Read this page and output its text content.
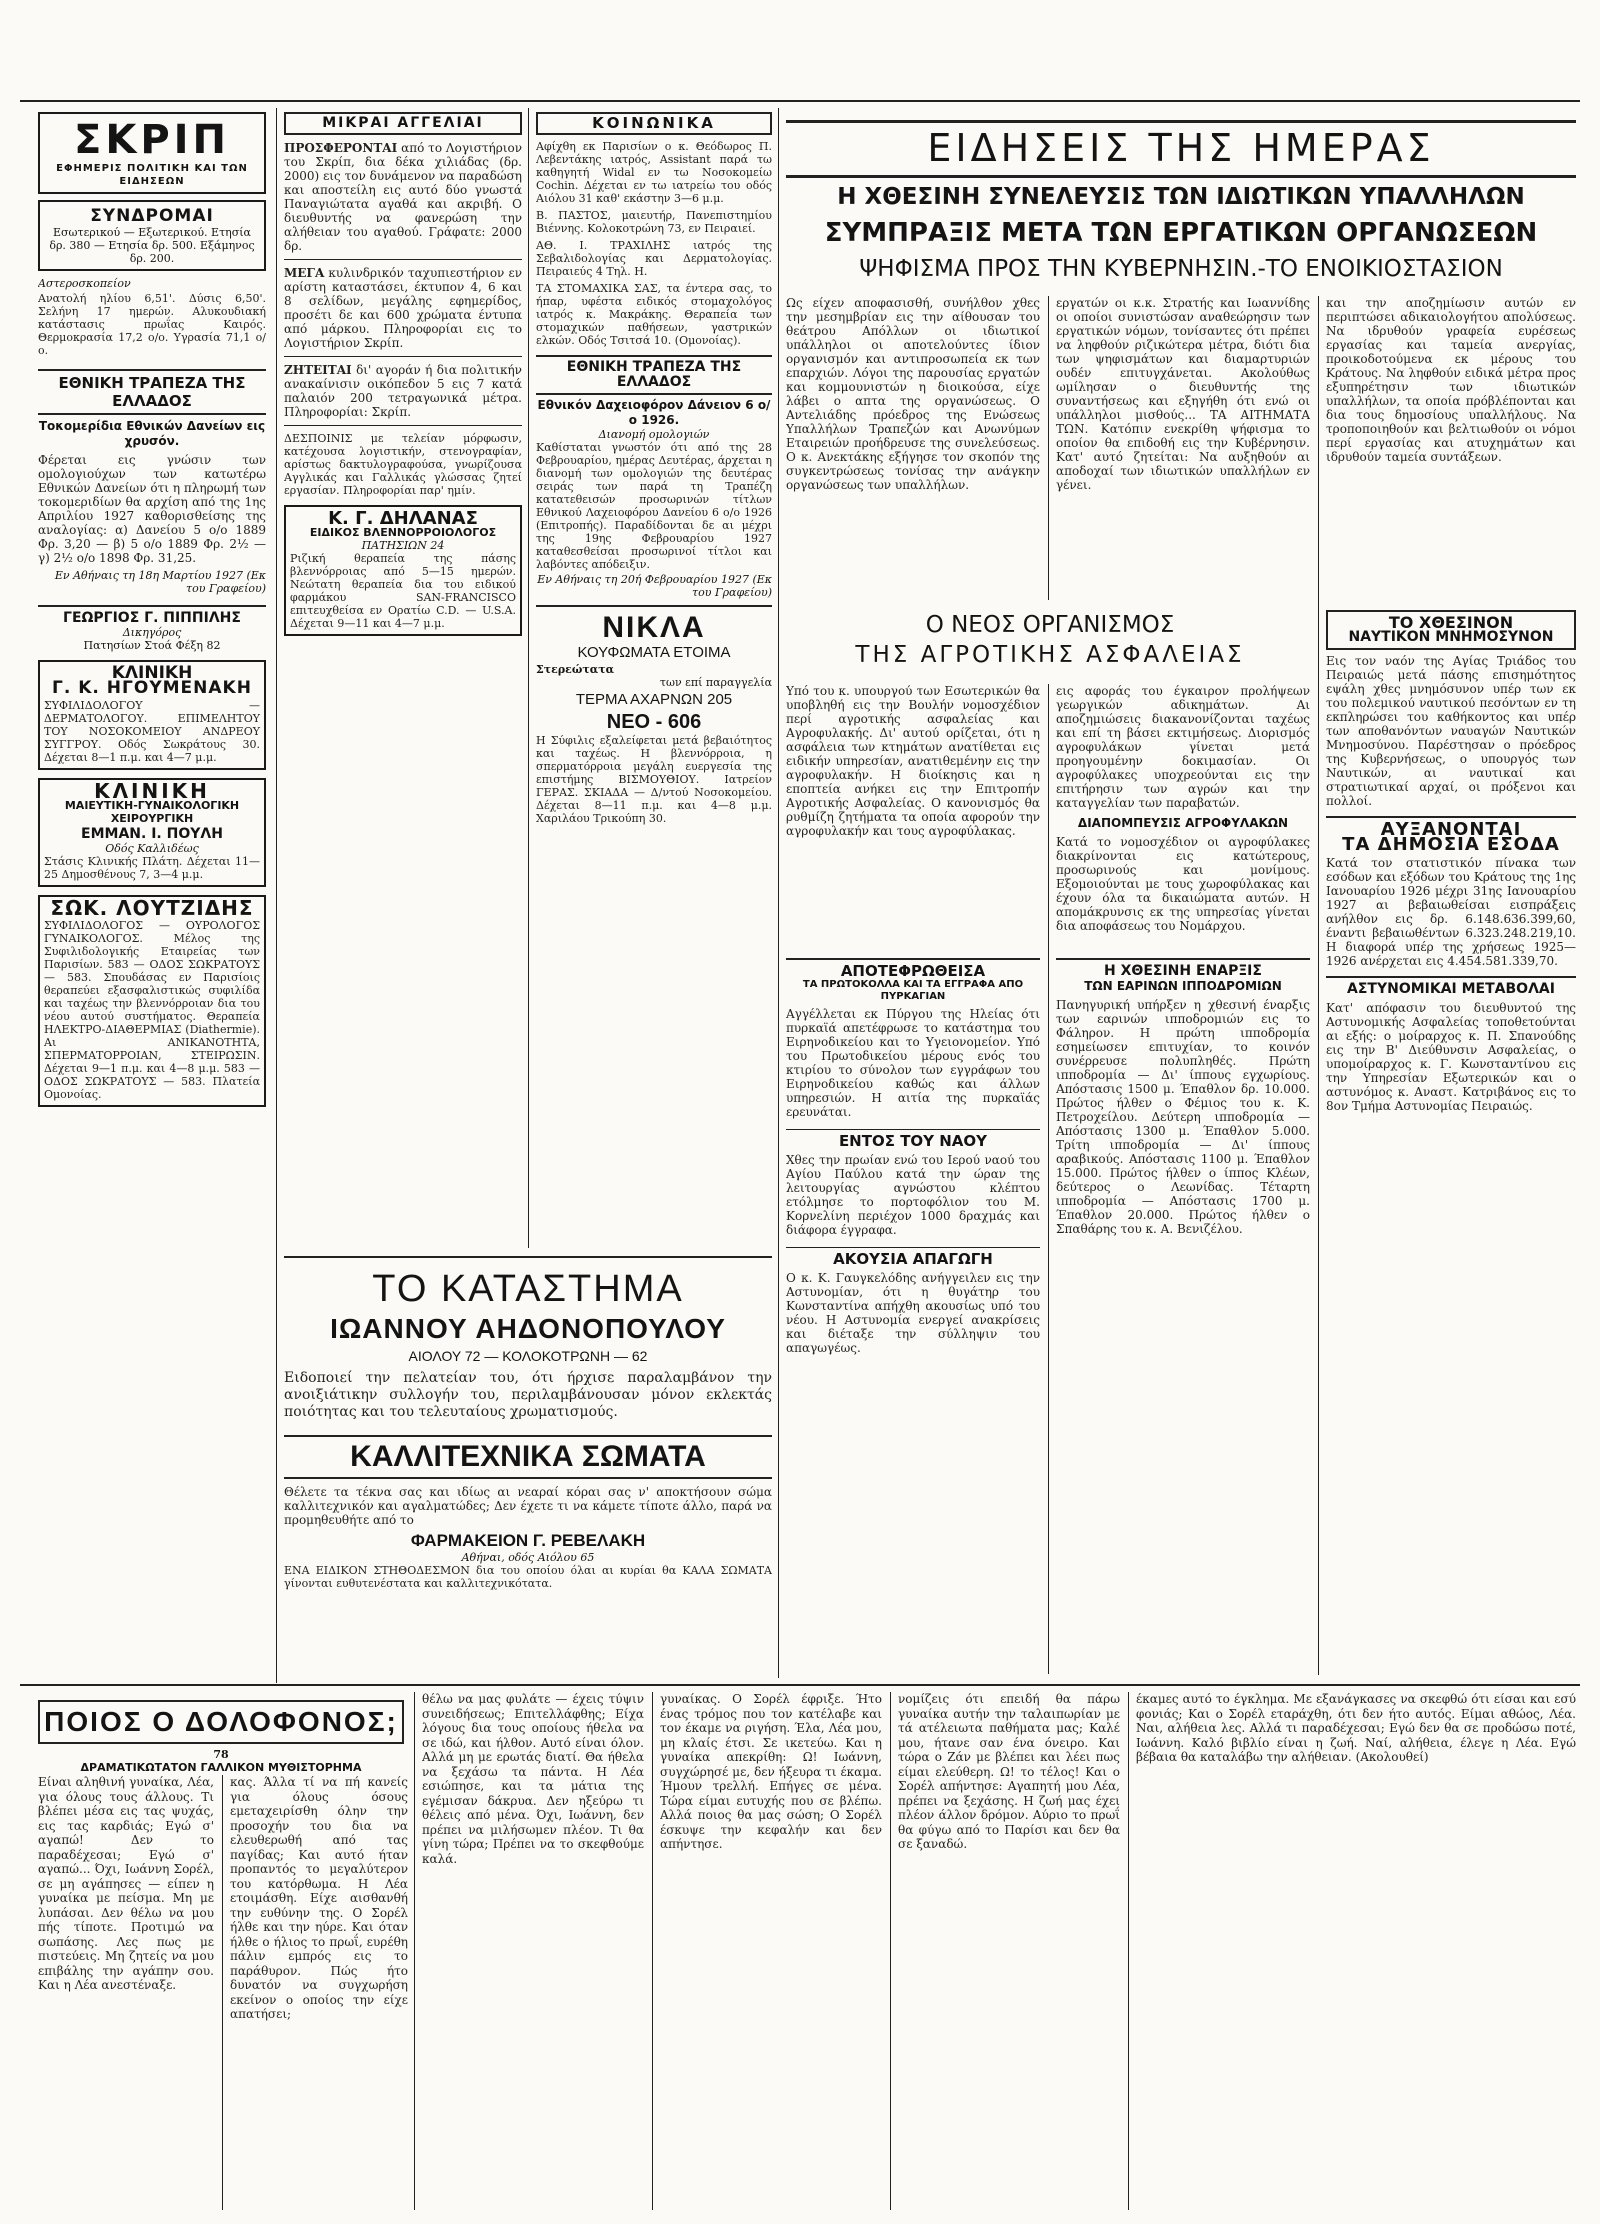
ΣΚΡΙΠ
ΕΦΗΜΕΡΙΣ ΠΟΛΙΤΙΚΗ ΚΑΙ ΤΩΝ ΕΙΔΗΣΕΩΝ
ΣΥΝΔΡΟΜΑΙ
Εσωτερικού — Εξωτερικού. Ετησία δρ. 380 — Ετησία δρ. 500. Εξάμηνος δρ. 200.
Αστεροσκοπείον
Ανατολή ηλίου 6,51'. Δύσις 6,50'. Σελήνη 17 ημερών. Αλυκουδιακή κατάστασις πρωΐας Καιρός. Θερμοκρασία 17,2 ο/ο. Υγρασία 71,1 ο/ο.
ΕΘΝΙΚΗ ΤΡΑΠΕΖΑ ΤΗΣ ΕΛΛΑΔΟΣ
Τοκομερίδια Εθνικών Δανείων εις χρυσόν.
Φέρεται εις γνώσιν των ομολογιούχων των κατωτέρω Εθνικών Δανείων ότι η πληρωμή των τοκομεριδίων θα αρχίση από της 1ης Απριλίου 1927 καθορισθείσης της αναλογίας: α) Δανείου 5 ο/ο 1889 Φρ. 3,20 — β) 5 ο/ο 1889 Φρ. 2½ — γ) 2½ ο/ο 1898 Φρ. 31,25.
Εν Αθήναις τη 18η Μαρτίου 1927 (Εκ του Γραφείου)
ΓΕΩΡΓΙΟΣ Γ. ΠΙΠΠΙΛΗΣ
Δικηγόρος
Πατησίων Στοά Φέξη 82
ΚΛΙΝΙΚΗ
Γ. Κ. ΗΓΟΥΜΕΝΑΚΗ
ΣΥΦΙΛΙΔΟΛΟΓΟΥ — ΔΕΡΜΑΤΟΛΟΓΟΥ. ΕΠΙΜΕΛΗΤΟΥ ΤΟΥ ΝΟΣΟΚΟΜΕΙΟΥ ΑΝΔΡΕΟΥ ΣΥΓΓΡΟΥ. Οδός Σωκράτους 30. Δέχεται 8—1 π.μ. και 4—7 μ.μ.
ΚΛΙΝΙΚΗ
ΜΑΙΕΥΤΙΚΗ-ΓΥΝΑΙΚΟΛΟΓΙΚΗ ΧΕΙΡΟΥΡΓΙΚΗ
ΕΜΜΑΝ. Ι. ΠΟΥΛΗ
Οδός Καλλιδέως
Στάσις Κλινικής Πλάτη. Δέχεται 11—25 Δημοσθένους 7, 3—4 μ.μ.
ΣΩΚ. ΛΟΥΤΖΙΔΗΣ
ΣΥΦΙΛΙΔΟΛΟΓΟΣ — ΟΥΡΟΛΟΓΟΣ ΓΥΝΑΙΚΟΛΟΓΟΣ. Μέλος της Συφιλιδολογικής Εταιρείας των Παρισίων. 583 — ΟΔΟΣ ΣΩΚΡΑΤΟΥΣ — 583. Σπουδάσας εν Παρισίοις θεραπεύει εξασφαλιστικώς συφιλίδα και ταχέως την βλεννόρροιαν δια του νέου αυτού συστήματος. Θεραπεία ΗΛΕΚΤΡΟ-ΔΙΑΘΕΡΜΙΑΣ (Diathermie). Αι ΑΝΙΚΑΝΟΤΗΤΑ, ΣΠΕΡΜΑΤΟΡΡΟΙΑΝ, ΣΤΕΙΡΩΣΙΝ. Δέχεται 9—1 π.μ. και 4—8 μ.μ. 583 — ΟΔΟΣ ΣΩΚΡΑΤΟΥΣ — 583. Πλατεία Ομονοίας.
ΜΙΚΡΑΙ ΑΓΓΕΛΙΑΙ
ΠΡΟΣΦΕΡΟΝΤΑΙ από το Λογιστήριον του Σκρίπ, δια δέκα χιλιάδας (δρ. 2000) εις τον δυνάμενον να παραδώση και αποστείλη εις αυτό δύο γνωστά Παναγιώτατα αγαθά και ακριβή. Ο διευθυντής να φανερώση την αλήθειαν του αγαθού. Γράφατε: 2000 δρ.
ΜΕΓΑ κυλινδρικόν ταχυπιεστήριον εν αρίστη καταστάσει, έκτυπον 4, 6 και 8 σελίδων, μεγάλης εφημερίδος, προσέτι δε και 600 χρώματα έντυπα από μάρκου. Πληροφορίαι εις το Λογιστήριον Σκρίπ.
ΖΗΤΕΙΤΑΙ δι' αγοράν ή δια πολιτικήν ανακαίνισιν οικόπεδον 5 εις 7 κατά παλαιόν 200 τετραγωνικά μέτρα. Πληροφορίαι: Σκρίπ.
ΔΕΣΠΟΙΝΙΣ με τελείαν μόρφωσιν, κατέχουσα λογιστικήν, στενογραφίαν, αρίστως δακτυλογραφούσα, γνωρίζουσα Αγγλικάς και Γαλλικάς γλώσσας ζητεί εργασίαν. Πληροφορίαι παρ' ημίν.
Κ. Γ. ΔΗΛΑΝΑΣ
ΕΙΔΙΚΟΣ ΒΛΕΝΝΟΡΡΟΙΟΛΟΓΟΣ
ΠΑΤΗΣΙΩΝ 24
Ριζική θεραπεία της πάσης βλεννόρροιας από 5—15 ημερών. Νεώτατη θεραπεία δια του ειδικού φαρμάκου SAN-FRANCISCO επιτευχθείσα εν Ορατίω C.D. — U.S.A. Δέχεται 9—11 και 4—7 μ.μ.
ΚΟΙΝΩΝΙΚΑ
Αφίχθη εκ Παρισίων ο κ. Θεόδωρος Π. Λεβεντάκης ιατρός, Assistant παρά τω καθηγητή Widal εν τω Νοσοκομείω Cochin. Δέχεται εν τω ιατρείω του οδός Αιόλου 31 καθ' εκάστην 3—6 μ.μ.
Β. ΠΑΣΤΟΣ, μαιευτήρ, Πανεπιστημίου Βιέννης. Κολοκοτρώνη 73, εν Πειραιεί.
ΑΘ. Ι. ΤΡΑΧΙΛΗΣ ιατρός της Σεβαλιδολογίας και Δερματολογίας. Πειραιεύς 4 Τηλ. Η.
ΤΑ ΣΤΟΜΑΧΙΚΑ ΣΑΣ, τα έντερα σας, το ήπαρ, υφέστα ειδικός στομαχολόγος ιατρός κ. Μακράκης. Θεραπεία των στομαχικών παθήσεων, γαστρικών ελκών. Οδός Τσιτσά 10. (Ομονοίας).
ΕΘΝΙΚΗ ΤΡΑΠΕΖΑ ΤΗΣ ΕΛΛΑΔΟΣ
Εθνικόν Δαχειοφόρον Δάνειον 6 ο/ο 1926.
Διανομή ομολογιών
Καθίσταται γνωστόν ότι από της 28 Φεβρουαρίου, ημέρας Δευτέρας, άρχεται η διανομή των ομολογιών της δευτέρας σειράς των παρά τη Τραπέζη κατατεθεισών προσωρινών τίτλων Εθνικού Λαχειοφόρου Δανείου 6 ο/ο 1926 (Επιτροπής). Παραδίδονται δε αι μέχρι της 19ης Φεβρουαρίου 1927 καταθεσθείσαι προσωρινοί τίτλοι και λαβόντες απόδειξιν.
Εν Αθήναις τη 20ή Φεβρουαρίου 1927 (Εκ του Γραφείου)
ΝΙΚΛΑ
ΚΟΥΦΩΜΑΤΑ ΕΤΟΙΜΑ
Στερεώτατα
των επί παραγγελία
ΤΕΡΜΑ ΑΧΑΡΝΩΝ 205
ΝΕΟ - 606
Η Σύφιλις εξαλείφεται μετά βεβαιότητος και ταχέως. Η βλεννόρροια, η σπερματόρροια μεγάλη ευεργεσία της επιστήμης ΒΙΣΜΟΥΘΙΟΥ. Ιατρείον ΓΕΡΑΣ. ΣΚΙΑΔΑ — Δ/ντού Νοσοκομείου. Δέχεται 8—11 π.μ. και 4—8 μ.μ. Χαριλάου Τρικούπη 30.
ΕΙΔΗΣΕΙΣ ΤΗΣ ΗΜΕΡΑΣ
Η ΧΘΕΣΙΝΗ ΣΥΝΕΛΕΥΣΙΣ ΤΩΝ ΙΔΙΩΤΙΚΩΝ ΥΠΑΛΛΗΛΩΝ
ΣΥΜΠΡΑΞΙΣ ΜΕΤΑ ΤΩΝ ΕΡΓΑΤΙΚΩΝ ΟΡΓΑΝΩΣΕΩΝ
ΨΗΦΙΣΜΑ ΠΡΟΣ ΤΗΝ ΚΥΒΕΡΝΗΣΙΝ.-ΤΟ ΕΝΟΙΚΙΟΣΤΑΣΙΟΝ
Ως είχεν αποφασισθή, συνήλθον χθες την μεσημβρίαν εις την αίθουσαν του θεάτρου Απόλλων οι ιδιωτικοί υπάλληλοι οι αποτελούντες ίδιον οργανισμόν και αντιπροσωπεία εκ των επαρχιών. Λόγοι της παρουσίας εργατών και κομμουνιστών η διοικούσα, είχε λάβει ο απτα της οργανώσεως. Ο Αντελιάδης πρόεδρος της Ενώσεως Υπαλλήλων Τραπεζών και Ανωνύμων Εταιρειών προήδρευσε της συνελεύσεως. Ο κ. Ανεκτάκης εξήγησε τον σκοπόν της συγκεντρώσεως τονίσας την ανάγκην οργανώσεως των υπαλλήλων.
εργατών οι κ.κ. Στρατής και Ιωαννίδης οι οποίοι συνιστώσαν αναθεώρησιν των εργατικών νόμων, τονίσαντες ότι πρέπει να ληφθούν ριζικώτερα μέτρα, διότι δια των ψηφισμάτων και διαμαρτυριών ουδέν επιτυγχάνεται. Ακολούθως ωμίλησαν ο διευθυντής της συναντήσεως και εξηγήθη ότι ενώ οι υπάλληλοι μισθούς... ΤΑ ΑΙΤΗΜΑΤΑ ΤΩΝ. Κατόπιν ενεκρίθη ψήφισμα το οποίον θα επιδοθή εις την Κυβέρνησιν. Κατ' αυτό ζητείται: Να αυξηθούν αι αποδοχαί των ιδιωτικών υπαλλήλων εν γένει.
και την αποζημίωσιν αυτών εν περιπτώσει αδικαιολογήτου απολύσεως. Να ιδρυθούν γραφεία ευρέσεως εργασίας και ταμεία ανεργίας, προικοδοτούμενα εκ μέρους του Κράτους. Να ληφθούν ειδικά μέτρα προς εξυπηρέτησιν των ιδιωτικών υπαλλήλων, τα οποία πρόβλέπονται και δια τους δημοσίους υπαλλήλους. Να τροποποιηθούν και βελτιωθούν οι νόμοι περί εργασίας και ατυχημάτων και ιδρυθούν ταμεία συντάξεων.
Ο ΝΕΟΣ ΟΡΓΑΝΙΣΜΟΣ
ΤΗΣ ΑΓΡΟΤΙΚΗΣ ΑΣΦΑΛΕΙΑΣ
Υπό του κ. υπουργού των Εσωτερικών θα υποβληθή εις την Βουλήν νομοσχέδιον περί αγροτικής ασφαλείας και Αγροφυλακής. Δι' αυτού ορίζεται, ότι η ασφάλεια των κτημάτων ανατίθεται εις ειδικήν υπηρεσίαν, ανατιθεμένην εις την αγροφυλακήν. Η διοίκησις και η εποπτεία ανήκει εις την Επιτροπήν Αγροτικής Ασφαλείας. Ο κανονισμός θα ρυθμίζη ζητήματα τα οποία αφορούν την αγροφυλακήν και τους αγροφύλακας.
εις αφοράς του έγκαιρον προλήψεων γεωργικών αδικημάτων. Αι αποζημιώσεις διακανονίζονται ταχέως και επί τη βάσει εκτιμήσεως. Διορισμός αγροφυλάκων γίνεται μετά προηγουμένην δοκιμασίαν. Οι αγροφύλακες υποχρεούνται εις την επιτήρησιν των αγρών και την καταγγελίαν των παραβατών.
ΔΙΑΠΟΜΠΕΥΣΙΣ ΑΓΡΟΦΥΛΑΚΩΝ
Κατά το νομοσχέδιον οι αγροφύλακες διακρίνονται εις κατώτερους, προσωρινούς και μονίμους. Εξομοιούνται με τους χωροφύλακας και έχουν όλα τα δικαιώματα αυτών. Η απομάκρυνσις εκ της υπηρεσίας γίνεται δια αποφάσεως του Νομάρχου.
ΑΠΟΤΕΦΡΩΘΕΙΣΑ
ΤΑ ΠΡΩΤΟΚΟΛΛΑ ΚΑΙ ΤΑ ΕΓΓΡΑΦΑ ΑΠΟ ΠΥΡΚΑΓΙΑΝ
Αγγέλλεται εκ Πύργου της Ηλείας ότι πυρκαϊά απετέφρωσε το κατάστημα του Ειρηνοδικείου και το Υγειονομείον. Υπό του Πρωτοδικείου μέρους ενός του κτιρίου το σύνολον των εγγράφων του Ειρηνοδικείου καθώς και άλλων υπηρεσιών. Η αιτία της πυρκαϊάς ερευνάται.
ΕΝΤΟΣ ΤΟΥ ΝΑΟΥ
Χθες την πρωίαν ενώ του Ιερού ναού του Αγίου Παύλου κατά την ώραν της λειτουργίας αγνώστου κλέπτου ετόλμησε το πορτοφόλιον του Μ. Κορνελίνη περιέχον 1000 δραχμάς και διάφορα έγγραφα.
ΑΚΟΥΣΙΑ ΑΠΑΓΩΓΗ
Ο κ. Κ. Γαυγκελόδης ανήγγειλεν εις την Αστυνομίαν, ότι η θυγάτηρ του Κωνσταντίνα απήχθη ακουσίως υπό του νέου. Η Αστυνομία ενεργεί ανακρίσεις και διέταξε την σύλληψιν του απαγωγέως.
Η ΧΘΕΣΙΝΗ ΕΝΑΡΞΙΣ
ΤΩΝ ΕΑΡΙΝΩΝ ΙΠΠΟΔΡΟΜΙΩΝ
Πανηγυρική υπήρξεν η χθεσινή έναρξις των εαρινών ιπποδρομιών εις το Φάληρον. Η πρώτη ιπποδρομία εσημείωσεν επιτυχίαν, το κοινόν συνέρρευσε πολυπληθές. Πρώτη ιπποδρομία — Δι' ίππους εγχωρίους. Απόστασις 1500 μ. Έπαθλον δρ. 10.000. Πρώτος ήλθεν ο Φέμιος του κ. Κ. Πετροχείλου. Δεύτερη ιπποδρομία — Απόστασις 1300 μ. Έπαθλον 5.000. Τρίτη ιπποδρομία — Δι' ίππους αραβικούς. Απόστασις 1100 μ. Έπαθλον 15.000. Πρώτος ήλθεν ο ίππος Κλέων, δεύτερος ο Λεωνίδας. Τέταρτη ιπποδρομία — Απόστασις 1700 μ. Έπαθλον 20.000. Πρώτος ήλθεν ο Σπαθάρης του κ. Α. Βενιζέλου.
ΤΟ ΧΘΕΣΙΝΟΝ
ΝΑΥΤΙΚΟΝ ΜΝΗΜΟΣΥΝΟΝ
Εις τον ναόν της Αγίας Τριάδος του Πειραιώς μετά πάσης επισημότητος εψάλη χθες μνημόσυνον υπέρ των εκ του πολεμικού ναυτικού πεσόντων εν τη εκπληρώσει του καθήκοντος και υπέρ των αποθανόντων ναυαγών Ναυτικών Μνημοσύνου. Παρέστησαν ο πρόεδρος της Κυβερνήσεως, ο υπουργός των Ναυτικών, αι ναυτικαί και στρατιωτικαί αρχαί, οι πρόξενοι και πολλοί.
ΑΥΞΑΝΟΝΤΑΙ
ΤΑ ΔΗΜΟΣΙΑ ΕΣΟΔΑ
Κατά τον στατιστικόν πίνακα των εσόδων και εξόδων του Κράτους της 1ης Ιανουαρίου 1926 μέχρι 31ης Ιανουαρίου 1927 αι βεβαιωθείσαι εισπράξεις ανήλθον εις δρ. 6.148.636.399,60, έναντι βεβαιωθέντων 6.323.248.219,10. Η διαφορά υπέρ της χρήσεως 1925—1926 ανέρχεται εις 4.454.581.339,70.
ΑΣΤΥΝΟΜΙΚΑΙ ΜΕΤΑΒΟΛΑΙ
Κατ' απόφασιν του διευθυντού της Αστυνομικής Ασφαλείας τοποθετούνται αι εξής: ο μοίραρχος κ. Π. Σπανούδης εις την Β' Διεύθυνσιν Ασφαλείας, ο υπομοίραρχος κ. Γ. Κωνσταντίνου εις την Υπηρεσίαν Εξωτερικών και ο αστυνόμος κ. Αναστ. Κατριβάνος εις το 8ον Τμήμα Αστυνομίας Πειραιώς.
ΤΟ ΚΑΤΑΣΤΗΜΑ
ΙΩΑΝΝΟΥ ΑΗΔΟΝΟΠΟΥΛΟΥ
ΑΙΟΛΟΥ 72 — ΚΟΛΟΚΟΤΡΩΝΗ — 62
Ειδοποιεί την πελατείαν του, ότι ήρχισε παραλαμβάνον την ανοιξιάτικην συλλογήν του, περιλαμβάνουσαν μόνον εκλεκτάς ποιότητας και του τελευταίους χρωματισμούς.
ΚΑΛΛΙΤΕΧΝΙΚΑ ΣΩΜΑΤΑ
Θέλετε τα τέκνα σας και ιδίως αι νεαραί κόραι σας ν' αποκτήσουν σώμα καλλιτεχνικόν και αγαλματώδες; Δεν έχετε τι να κάμετε τίποτε άλλο, παρά να προμηθευθήτε από το
ΦΑΡΜΑΚΕΙΟΝ Γ. ΡΕΒΕΛΑΚΗ
Αθήναι, οδός Αιόλου 65
ΕΝΑ ΕΙΔΙΚΟΝ ΣΤΗΘΟΔΕΣΜΟΝ δια του οποίου όλαι αι κυρίαι θα ΚΑΛΑ ΣΩΜΑΤΑ γίνονται ευθυτενέστατα και καλλιτεχνικότατα.
ΠΟΙΟΣ Ο ΔΟΛΟΦΟΝΟΣ;
78
ΔΡΑΜΑΤΙΚΩΤΑΤΟΝ ΓΑΛΛΙΚΟΝ ΜΥΘΙΣΤΟΡΗΜΑ
Είναι αληθινή γυναίκα, Λέα, για όλους τους άλλους. Τι βλέπει μέσα εις τας ψυχάς, εις τας καρδιάς; Εγώ σ' αγαπώ! Δεν το παραδέχεσαι; Εγώ σ' αγαπώ... Όχι, Ιωάννη Σορέλ, σε μη αγάπησες — είπεν η γυναίκα με πείσμα. Μη με λυπάσαι. Δεν θέλω να μου πής τίποτε. Προτιμώ να σωπάσης. Λες πως με πιστεύεις. Μη ζητείς να μου επιβάλης την αγάπην σου. Και η Λέα ανεστέναξε.
κας. Άλλα τί να πή κανείς για όλους όσους εμεταχειρίσθη όλην την προσοχήν του δια να ελευθερωθή από τας παγίδας; Και αυτό ήταν προπαντός το μεγαλύτερον του κατόρθωμα. Η Λέα ετοιμάσθη. Είχε αισθανθή την ευθύνην της. Ο Σορέλ ήλθε και την ηύρε. Και όταν ήλθε ο ήλιος το πρωΐ, ευρέθη πάλιν εμπρός εις το παράθυρον. Πώς ήτο δυνατόν να συγχωρήση εκείνον ο οποίος την είχε απατήσει;
θέλω να μας φυλάτε — έχεις τύψιν συνειδήσεως; Επιτελλάφθης; Είχα λόγους δια τους οποίους ήθελα να σε ιδώ, και ήλθον. Αυτό είναι όλον. Αλλά μη με ερωτάς διατί. Θα ήθελα να ξεχάσω τα πάντα. Η Λέα εσιώπησε, και τα μάτια της εγέμισαν δάκρυα. Δεν ηξεύρω τι θέλεις από μένα. Όχι, Ιωάννη, δεν πρέπει να μιλήσωμεν πλέον. Τι θα γίνη τώρα; Πρέπει να το σκεφθούμε καλά.
γυναίκας. Ο Σορέλ έφριξε. Ήτο ένας τρόμος που τον κατέλαβε και τον έκαμε να ριγήση. Έλα, Λέα μου, μη κλαίς έτσι. Σε ικετεύω. Και η γυναίκα απεκρίθη: Ω! Ιωάννη, συγχώρησέ με, δεν ήξευρα τι έκαμα. Ήμουν τρελλή. Επήγες σε μένα. Τώρα είμαι ευτυχής που σε βλέπω. Αλλά ποιος θα μας σώση; Ο Σορέλ έσκυψε την κεφαλήν και δεν απήντησε.
νομίζεις ότι επειδή θα πάρω γυναίκα αυτήν την ταλαιπωρίαν με τά ατέλειωτα παθήματα μας; Καλέ μου, ήτανε σαν ένα όνειρο. Και τώρα ο Ζάν με βλέπει και λέει πως είμαι ελεύθερη. Ω! το τέλος! Και ο Σορέλ απήντησε: Αγαπητή μου Λέα, πρέπει να ξεχάσης. Η ζωή μας έχει πλέον άλλον δρόμον. Αύριο το πρωΐ θα φύγω από το Παρίσι και δεν θα σε ξαναδώ.
έκαμες αυτό το έγκλημα. Με εξανάγκασες να σκεφθώ ότι είσαι και εσύ φονιάς; Και ο Σορέλ εταράχθη, ότι δεν ήτο αυτός. Είμαι αθώος, Λέα. Ναι, αλήθεια λες. Αλλά τι παραδέχεσαι; Εγώ δεν θα σε προδώσω ποτέ, Ιωάννη. Καλό βιβλίο είναι η ζωή. Ναί, αλήθεια, έλεγε η Λέα. Εγώ βέβαια θα καταλάβω την αλήθειαν. (Ακολουθεί)
